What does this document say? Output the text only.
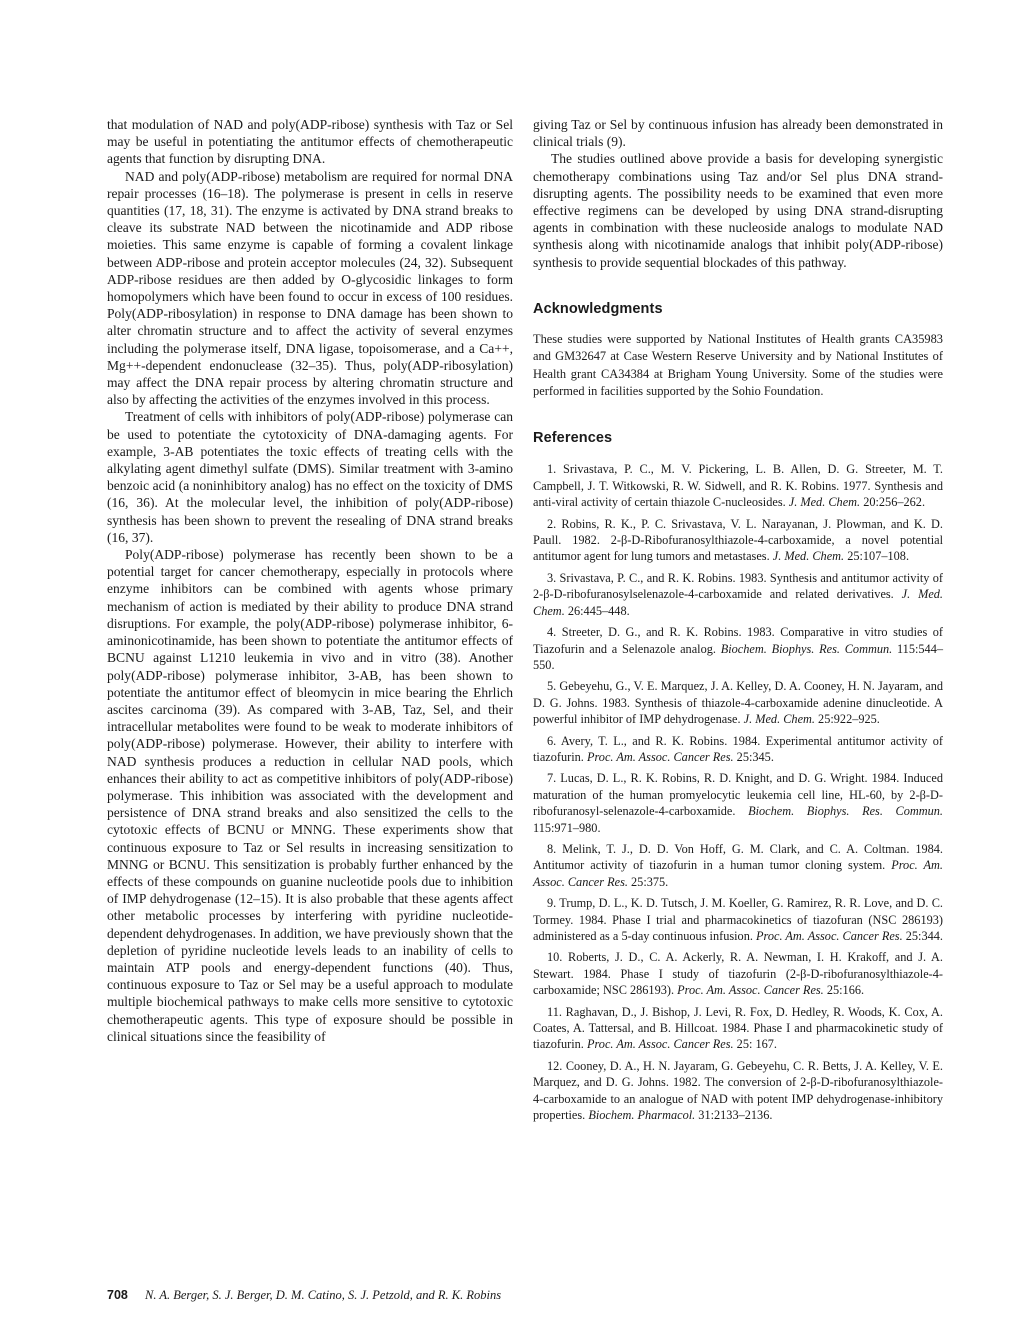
that modulation of NAD and poly(ADP-ribose) synthesis with Taz or Sel may be useful in potentiating the antitumor effects of chemotherapeutic agents that function by disrupting DNA.

NAD and poly(ADP-ribose) metabolism are required for normal DNA repair processes (16–18). The polymerase is present in cells in reserve quantities (17, 18, 31). The enzyme is activated by DNA strand breaks to cleave its substrate NAD between the nicotinamide and ADP ribose moieties. This same enzyme is capable of forming a covalent linkage between ADP-ribose and protein acceptor molecules (24, 32). Subsequent ADP-ribose residues are then added by O-glycosidic linkages to form homopolymers which have been found to occur in excess of 100 residues. Poly(ADP-ribosylation) in response to DNA damage has been shown to alter chromatin structure and to affect the activity of several enzymes including the polymerase itself, DNA ligase, topoisomerase, and a Ca++, Mg++-dependent endonuclease (32–35). Thus, poly(ADP-ribosylation) may affect the DNA repair process by altering chromatin structure and also by affecting the activities of the enzymes involved in this process.

Treatment of cells with inhibitors of poly(ADP-ribose) polymerase can be used to potentiate the cytotoxicity of DNA-damaging agents. For example, 3-AB potentiates the toxic effects of treating cells with the alkylating agent dimethyl sulfate (DMS). Similar treatment with 3-amino benzoic acid (a noninhibitory analog) has no effect on the toxicity of DMS (16, 36). At the molecular level, the inhibition of poly(ADP-ribose) synthesis has been shown to prevent the resealing of DNA strand breaks (16, 37).

Poly(ADP-ribose) polymerase has recently been shown to be a potential target for cancer chemotherapy, especially in protocols where enzyme inhibitors can be combined with agents whose primary mechanism of action is mediated by their ability to produce DNA strand disruptions. For example, the poly(ADP-ribose) polymerase inhibitor, 6-aminonicotinamide, has been shown to potentiate the antitumor effects of BCNU against L1210 leukemia in vivo and in vitro (38). Another poly(ADP-ribose) polymerase inhibitor, 3-AB, has been shown to potentiate the antitumor effect of bleomycin in mice bearing the Ehrlich ascites carcinoma (39). As compared with 3-AB, Taz, Sel, and their intracellular metabolites were found to be weak to moderate inhibitors of poly(ADP-ribose) polymerase. However, their ability to interfere with NAD synthesis produces a reduction in cellular NAD pools, which enhances their ability to act as competitive inhibitors of poly(ADP-ribose) polymerase. This inhibition was associated with the development and persistence of DNA strand breaks and also sensitized the cells to the cytotoxic effects of BCNU or MNNG. These experiments show that continuous exposure to Taz or Sel results in increasing sensitization to MNNG or BCNU. This sensitization is probably further enhanced by the effects of these compounds on guanine nucleotide pools due to inhibition of IMP dehydrogenase (12–15). It is also probable that these agents affect other metabolic processes by interfering with pyridine nucleotide-dependent dehydrogenases. In addition, we have previously shown that the depletion of pyridine nucleotide levels leads to an inability of cells to maintain ATP pools and energy-dependent functions (40). Thus, continuous exposure to Taz or Sel may be a useful approach to modulate multiple biochemical pathways to make cells more sensitive to cytotoxic chemotherapeutic agents. This type of exposure should be possible in clinical situations since the feasibility of

giving Taz or Sel by continuous infusion has already been demonstrated in clinical trials (9).

The studies outlined above provide a basis for developing synergistic chemotherapy combinations using Taz and/or Sel plus DNA strand-disrupting agents. The possibility needs to be examined that even more effective regimens can be developed by using DNA strand-disrupting agents in combination with these nucleoside analogs to modulate NAD synthesis along with nicotinamide analogs that inhibit poly(ADP-ribose) synthesis to provide sequential blockades of this pathway.

Acknowledgments

These studies were supported by National Institutes of Health grants CA35983 and GM32647 at Case Western Reserve University and by National Institutes of Health grant CA34384 at Brigham Young University. Some of the studies were performed in facilities supported by the Sohio Foundation.

References
1. Srivastava, P. C., M. V. Pickering, L. B. Allen, D. G. Streeter, M. T. Campbell, J. T. Witkowski, R. W. Sidwell, and R. K. Robins. 1977. Synthesis and anti-viral activity of certain thiazole C-nucleosides. J. Med. Chem. 20:256–262.
2. Robins, R. K., P. C. Srivastava, V. L. Narayanan, J. Plowman, and K. D. Paull. 1982. 2-β-D-Ribofuranosylthiazole-4-carboxamide, a novel potential antitumor agent for lung tumors and metastases. J. Med. Chem. 25:107–108.
3. Srivastava, P. C., and R. K. Robins. 1983. Synthesis and antitumor activity of 2-β-D-ribofuranosylselenazole-4-carboxamide and related derivatives. J. Med. Chem. 26:445–448.
4. Streeter, D. G., and R. K. Robins. 1983. Comparative in vitro studies of Tiazofurin and a Selenazole analog. Biochem. Biophys. Res. Commun. 115:544–550.
5. Gebeyehu, G., V. E. Marquez, J. A. Kelley, D. A. Cooney, H. N. Jayaram, and D. G. Johns. 1983. Synthesis of thiazole-4-carboxamide adenine dinucleotide. A powerful inhibitor of IMP dehydrogenase. J. Med. Chem. 25:922–925.
6. Avery, T. L., and R. K. Robins. 1984. Experimental antitumor activity of tiazofurin. Proc. Am. Assoc. Cancer Res. 25:345.
7. Lucas, D. L., R. K. Robins, R. D. Knight, and D. G. Wright. 1984. Induced maturation of the human promyelocytic leukemia cell line, HL-60, by 2-β-D-ribofuranosyl-selenazole-4-carboxamide. Biochem. Biophys. Res. Commun. 115:971–980.
8. Melink, T. J., D. D. Von Hoff, G. M. Clark, and C. A. Coltman. 1984. Antitumor activity of tiazofurin in a human tumor cloning system. Proc. Am. Assoc. Cancer Res. 25:375.
9. Trump, D. L., K. D. Tutsch, J. M. Koeller, G. Ramirez, R. R. Love, and D. C. Tormey. 1984. Phase I trial and pharmacokinetics of tiazofuran (NSC 286193) administered as a 5-day continuous infusion. Proc. Am. Assoc. Cancer Res. 25:344.
10. Roberts, J. D., C. A. Ackerly, R. A. Newman, I. H. Krakoff, and J. A. Stewart. 1984. Phase I study of tiazofurin (2-β-D-ribofuranosylthiazole-4-carboxamide; NSC 286193). Proc. Am. Assoc. Cancer Res. 25:166.
11. Raghavan, D., J. Bishop, J. Levi, R. Fox, D. Hedley, R. Woods, K. Cox, A. Coates, A. Tattersal, and B. Hillcoat. 1984. Phase I and pharmacokinetic study of tiazofurin. Proc. Am. Assoc. Cancer Res. 25: 167.
12. Cooney, D. A., H. N. Jayaram, G. Gebeyehu, C. R. Betts, J. A. Kelley, V. E. Marquez, and D. G. Johns. 1982. The conversion of 2-β-D-ribofuranosylthiazole-4-carboxamide to an analogue of NAD with potent IMP dehydrogenase-inhibitory properties. Biochem. Pharmacol. 31:2133–2136.
708 N. A. Berger, S. J. Berger, D. M. Catino, S. J. Petzold, and R. K. Robins
